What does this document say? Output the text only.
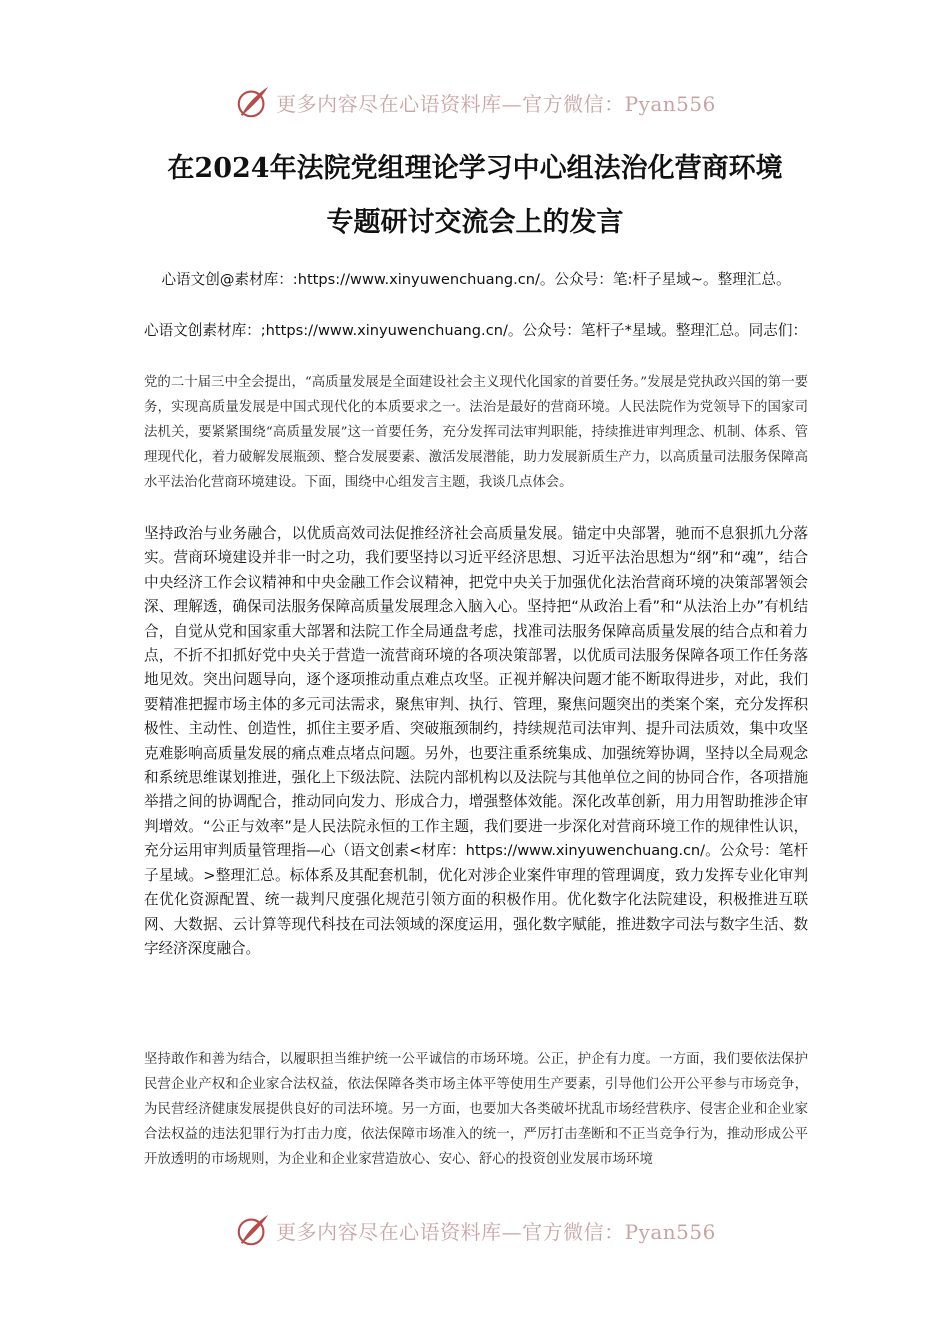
更多内容尽在心语资料库—官方微信：Pyan556
在2024年法院党组理论学习中心组法治化营商环境
专题研讨交流会上的发言

心语文创@素材库：:https://www.xinyuwenchuang.cn/。公众号：笔:杆子星域~。整理汇总。

心语文创素材库：;https://www.xinyuwenchuang.cn/。公众号：笔杆子*星域。整理汇总。同志们：

党的二十届三中全会提出，“高质量发展是全面建设社会主义现代化国家的首要任务。”发展是党执政兴国的第一要务，实现高质量发展是中国式现代化的本质要求之一。法治是最好的营商环境。人民法院作为党领导下的国家司法机关，要紧紧围绕“高质量发展”这一首要任务，充分发挥司法审判职能，持续推进审判理念、机制、体系、管理现代化，着力破解发展瓶颈、整合发展要素、激活发展潜能，助力发展新质生产力，以高质量司法服务保障高水平法治化营商环境建设。下面，围绕中心组发言主题，我谈几点体会。

坚持政治与业务融合，以优质高效司法促推经济社会高质量发展。锚定中央部署，驰而不息狠抓九分落实。营商环境建设并非一时之功，我们要坚持以习近平经济思想、习近平法治思想为“纲”和“魂”，结合中央经济工作会议精神和中央金融工作会议精神，把党中央关于加强优化法治营商环境的决策部署领会深、理解透，确保司法服务保障高质量发展理念入脑入心。坚持把“从政治上看”和“从法治上办”有机结合，自觉从党和国家重大部署和法院工作全局通盘考虑，找准司法服务保障高质量发展的结合点和着力点，不折不扣抓好党中央关于营造一流营商环境的各项决策部署，以优质司法服务保障各项工作任务落地见效。突出问题导向，逐个逐项推动重点难点攻坚。正视并解决问题才能不断取得进步，对此，我们要精准把握市场主体的多元司法需求，聚焦审判、执行、管理，聚焦问题突出的类案个案，充分发挥积极性、主动性、创造性，抓住主要矛盾、突破瓶颈制约，持续规范司法审判、提升司法质效，集中攻坚克难影响高质量发展的痛点难点堵点问题。另外，也要注重系统集成、加强统筹协调，坚持以全局观念和系统思维谋划推进，强化上下级法院、法院内部机构以及法院与其他单位之间的协同合作，各项措施举措之间的协调配合，推动同向发力、形成合力，增强整体效能。深化改革创新，用力用智助推涉企审判增效。“公正与效率”是人民法院永恒的工作主题，我们要进一步深化对营商环境工作的规律性认识，充分运用审判质量管理指—心（语文创素<材库：https://www.xinyuwenchuang.cn/。公众号：笔杆子星域。>整理汇总。标体系及其配套机制，优化对涉企业案件审理的管理调度，致力发挥专业化审判在优化资源配置、统一裁判尺度强化规范引领方面的积极作用。优化数字化法院建设，积极推进互联网、大数据、云计算等现代科技在司法领域的深度运用，强化数字赋能，推进数字司法与数字生活、数字经济深度融合。

坚持敢作和善为结合，以履职担当维护统一公平诚信的市场环境。公正，护企有力度。一方面，我们要依法保护民营企业产权和企业家合法权益，依法保障各类市场主体平等使用生产要素，引导他们公开公平参与市场竞争，为民营经济健康发展提供良好的司法环境。另一方面，也要加大各类破坏扰乱市场经营秩序、侵害企业和企业家合法权益的违法犯罪行为打击力度，依法保障市场准入的统一，严厉打击垄断和不正当竞争行为，推动形成公平开放透明的市场规则，为企业和企业家营造放心、安心、舒心的投资创业发展市场环境

更多内容尽在心语资料库—官方微信：Pyan556
